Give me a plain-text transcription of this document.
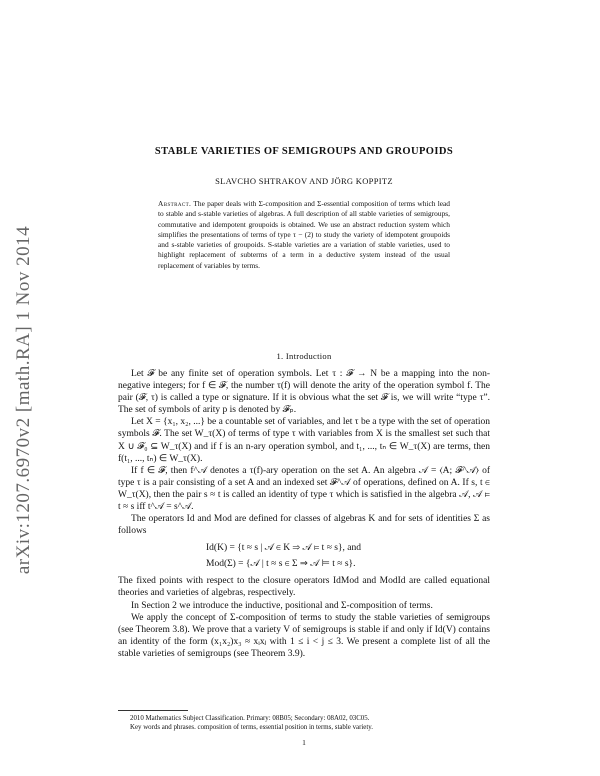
arXiv:1207.6970v2 [math.RA] 1 Nov 2014
STABLE VARIETIES OF SEMIGROUPS AND GROUPOIDS
SLAVCHO SHTRAKOV AND JÖRG KOPPITZ

Abstract. The paper deals with Σ-composition and Σ-essential composition of terms which lead to stable and s-stable varieties of algebras. A full description of all stable varieties of semigroups, commutative and idempotent groupoids is obtained. We use an abstract reduction system which simplifies the presentations of terms of type τ − (2) to study the variety of idempotent groupoids and s-stable varieties of groupoids. S-stable varieties are a variation of stable varieties, used to highlight replacement of subterms of a term in a deductive system instead of the usual replacement of variables by terms.

1. Introduction

Let 𝓕 be any finite set of operation symbols. Let τ : 𝓕 → N be a mapping into the non-negative integers; for f ∈ 𝓕, the number τ(f) will denote the arity of the operation symbol f. The pair (𝓕, τ) is called a type or signature. If it is obvious what the set 𝓕 is, we will write “type τ”. The set of symbols of arity p is denoted by 𝓕ₚ.

Let X = {x₁, x₂, ...} be a countable set of variables, and let τ be a type with the set of operation symbols 𝓕. The set W_τ(X) of terms of type τ with variables from X is the smallest set such that X ∪ 𝓕₀ ⊆ W_τ(X) and if f is an n-ary operation symbol, and t₁, ..., tₙ ∈ W_τ(X) are terms, then f(t₁, ..., tₙ) ∈ W_τ(X).

If f ∈ 𝓕, then f^𝒜 denotes a τ(f)-ary operation on the set A. An algebra 𝒜 = ⟨A; 𝓕^𝒜⟩ of type τ is a pair consisting of a set A and an indexed set 𝓕^𝒜 of operations, defined on A. If s, t ∈ W_τ(X), then the pair s ≈ t is called an identity of type τ which is satisfied in the algebra 𝒜, 𝒜 ⊨ t ≈ s iff t^𝒜 = s^𝒜.

The operators Id and Mod are defined for classes of algebras K and for sets of identities Σ as follows

Id(K) = {t ≈ s | 𝒜 ∈ K ⇒ 𝒜 ⊨ t ≈ s}, and
Mod(Σ) = {𝒜 | t ≈ s ∈ Σ ⇒ 𝒜 ⊨ t ≈ s}.

The fixed points with respect to the closure operators IdMod and ModId are called equational theories and varieties of algebras, respectively.

In Section 2 we introduce the inductive, positional and Σ-composition of terms.

We apply the concept of Σ-composition of terms to study the stable varieties of semigroups (see Theorem 3.8). We prove that a variety V of semigroups is stable if and only if Id(V) contains an identity of the form (x₁x₂)x₃ ≈ xᵢxⱼ with 1 ≤ i < j ≤ 3. We present a complete list of all the stable varieties of semigroups (see Theorem 3.9).

2010 Mathematics Subject Classification. Primary: 08B05; Secondary: 08A02, 03C05.

Key words and phrases. composition of terms, essential position in terms, stable variety.

1
